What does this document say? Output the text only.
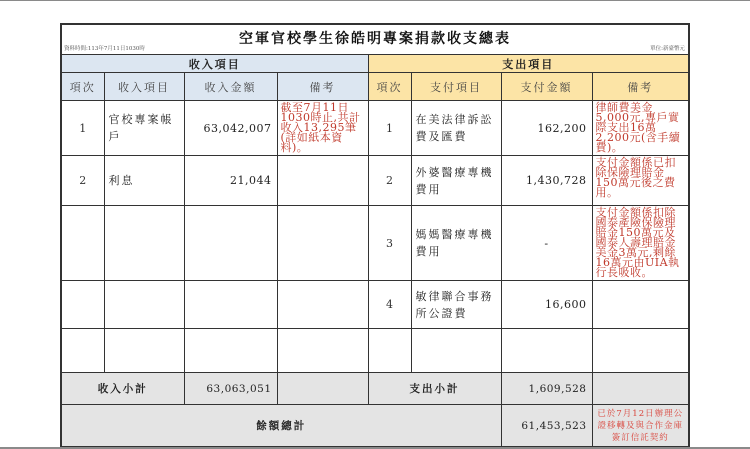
空軍官校學生徐皓明專案捐款收支總表
資料時間:113年7月11日1030時 單位:新臺幣元							

收入項目				支出項目			
項次	收入項目	收入金額	備考	項次	支付項目	支付金額	備考
1	官校專案帳戶	63,042,007	截至7月11日1030時止,共計收入13,295筆(詳如紙本資料)。	1	在美法律訴訟費及匯費	162,200	律師費美金5,000元,專戶實際支出16萬2,200元(含手續費)。
2	利息	21,044		2	外婆醫療專機費用	1,430,728	支付金額係已扣除保險理賠金150萬元後之費用。
				3	媽媽醫療專機費用	-	支付金額係扣除國泰產險保險理賠金150萬元及國泰人壽理賠金美金3萬元,剩餘16萬元由UIA執行長吸收。
				4	敏律聯合事務所公證費	16,600	

收入小計		63,063,051		支出小計		1,609,528	
餘額總計						61,453,523	已於7月12日辦理公證移轉及與合作金庫簽訂信託契約
